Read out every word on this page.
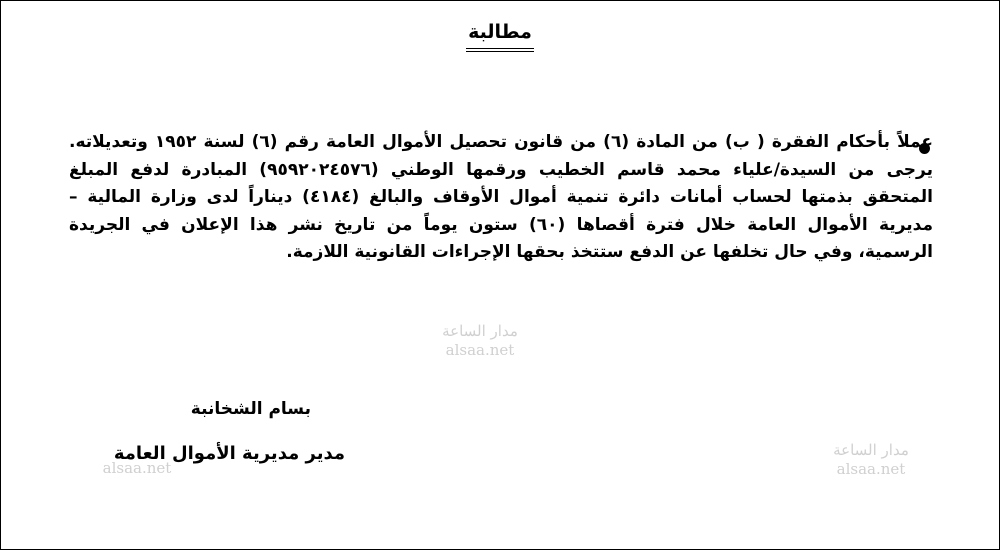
مطالبة

عملاً بأحكام الفقرة ( ب) من المادة (٦) من قانون تحصيل الأموال العامة رقم (٦) لسنة ١٩٥٢ وتعديلاته. يرجى من السيدة/علياء محمد قاسم الخطيب ورقمها الوطني (٩٥٩٢٠٢٤٥٧٦) المبادرة لدفع المبلغ المتحقق بذمتها لحساب أمانات دائرة تنمية أموال الأوقاف والبالغ (٤١٨٤) ديناراً لدى وزارة المالية – مديرية الأموال العامة خلال فترة أقصاها (٦٠) ستون يوماً من تاريخ نشر هذا الإعلان في الجريدة الرسمية، وفي حال تخلفها عن الدفع ستتخذ بحقها الإجراءات القانونية اللازمة.

مدار الساعة
alsaa.net
مدار الساعة
alsaa.net
بسام الشخانبة
مدير مديرية الأموال العامة
alsaa.net
